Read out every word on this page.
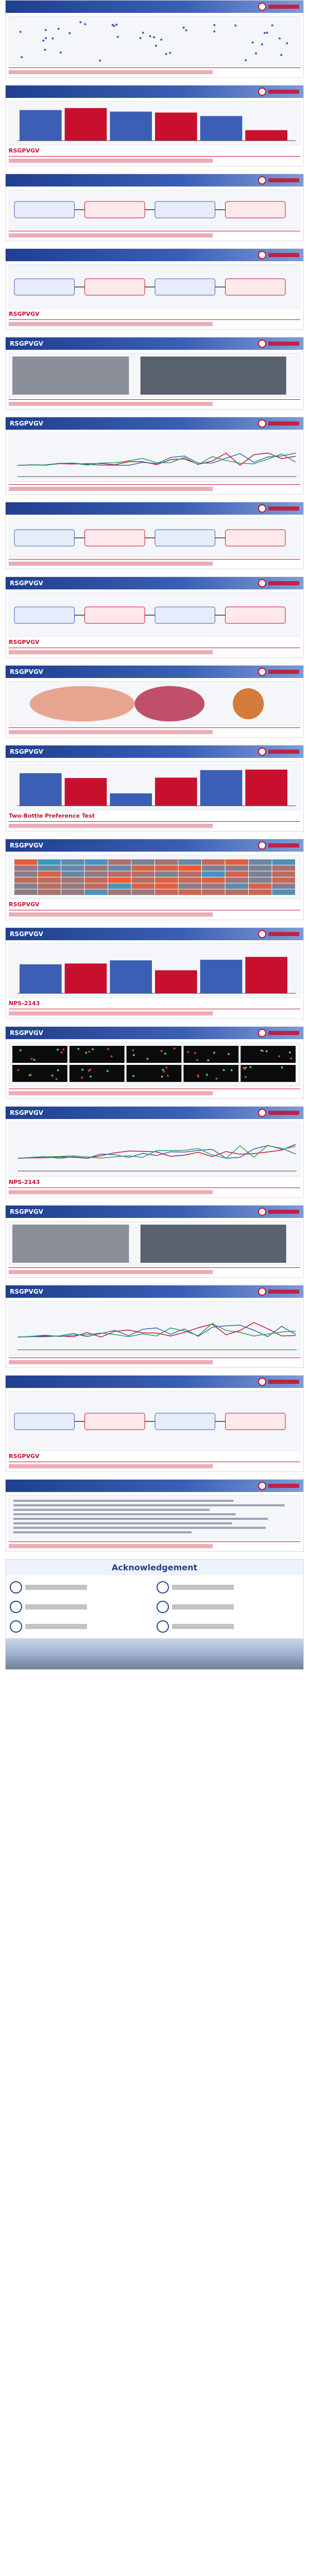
RSGPVGV
RSGPVGV
RSGPVGV
RSGPVGV
RSGPVGV
RSGPVGV
RSGPVGV
RSGPVGV
Two-Bottle Preference Test
RSGPVGV
RSGPVGV
RSGPVGV
NPS-2143
RSGPVGV
RSGPVGV
NPS-2143
RSGPVGV
RSGPVGV
RSGPVGV
Acknowledgement
